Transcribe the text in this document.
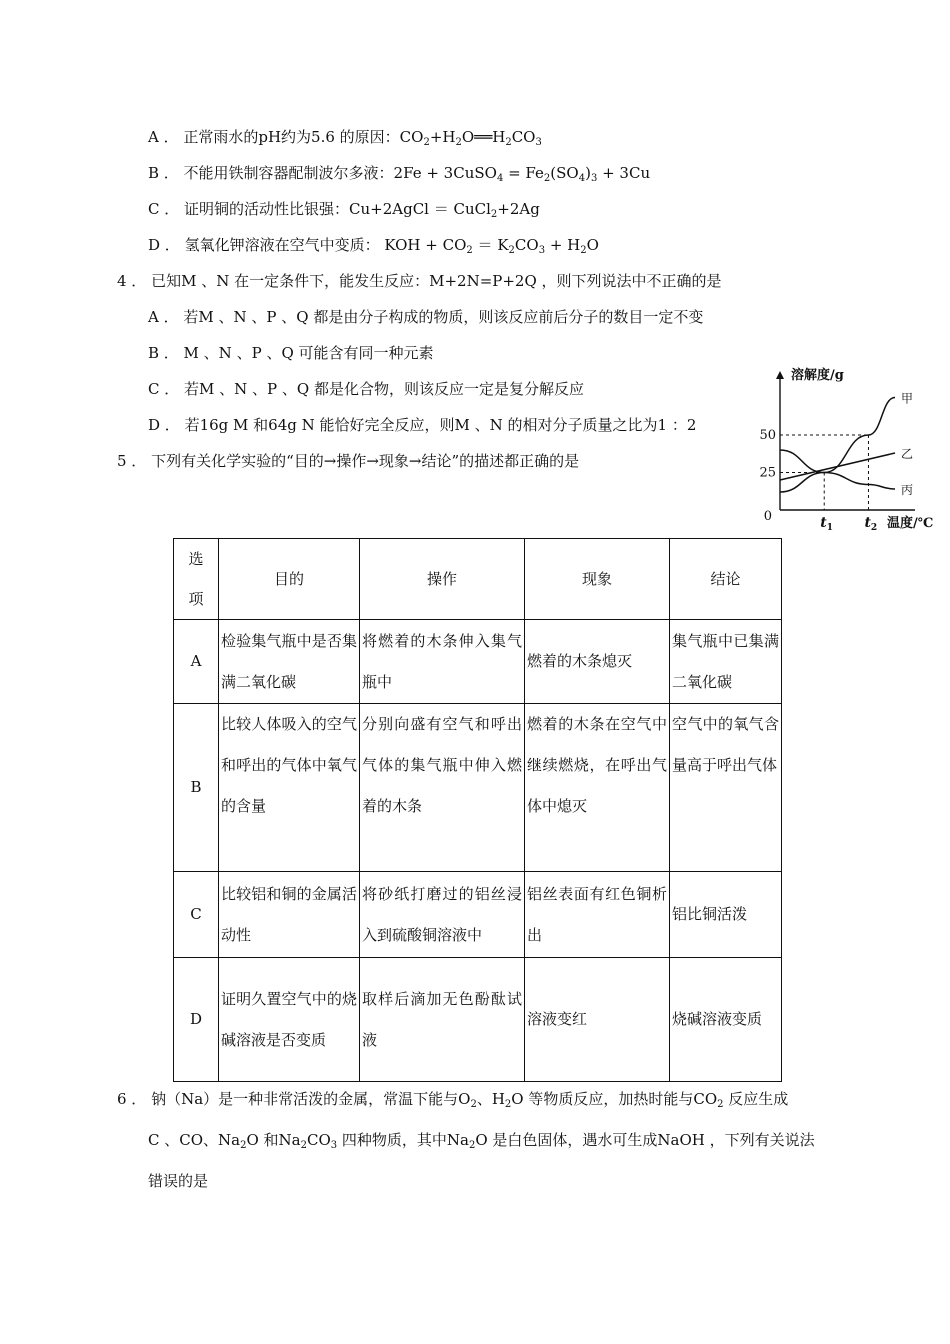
A ． 正常雨水的pH约为5.6 的原因：$CO_2+H_2O══H_2CO_3$
B ． 不能用铁制容器配制波尔多液：2Fe + 3CuSO$_4$ = $Fe_2(SO_4)_3 + 3Cu$
C ． 证明铜的活动性比银强：Cu+2AgCl ＝ CuCl$_2$+2Ag
D ． 氢氧化钾溶液在空气中变质： KOH + $CO_2 = K_2CO_3 + H_2O$
4 ． 已知M 、N 在一定条件下，能发生反应：M+2N=P+2Q ，则下列说法中不正确的是
A ． 若M 、N 、P 、Q 都是由分子构成的物质，则该反应前后分子的数目一定不变
B ． M 、N 、P 、Q 可能含有同一种元素
C ． 若M 、N 、P 、Q 都是化合物，则该反应一定是复分解反应
D ． 若16g M 和64g N 能恰好完全反应，则M 、N 的相对分子质量之比为1 ：2
5 ． 下列有关化学实验的“目的→操作→现象→结论”的描述都正确的是
甲
乙
丙
25
50
0	$t_1$ $t_2$ 温度/℃
溶解度/g
选项	目的	操作	现象	结论
A	检验集气瓶中是否集满二氧化碳	将燃着的木条伸入集气瓶中	燃着的木条熄灭	集气瓶中已集满二氧化碳
B	比较人体吸入的空气和呼出的气体中氧气的含量	分别向盛有空气和呼出气体的集气瓶中伸入燃着的木条	燃着的木条在空气中继续燃烧，在呼出气体中熄灭	空气中的氧气含量高于呼出气体
C	比较铝和铜的金属活动性	将砂纸打磨过的铝丝浸入到硫酸铜溶液中	铝丝表面有红色铜析出	铝比铜活泼
D	证明久置空气中的烧碱溶液是否变质	取样后滴加无色酚酞试液	溶液变红	烧碱溶液变质
6 ． 钠（Na）是一种非常活泼的金属，常温下能与$O_2$、$H_2O$ 等物质反应，加热时能与$CO_2$ 反应生成
C 、CO、$Na_2O$ 和$Na_2CO_3$ 四种物质，其中$Na_2O$ 是白色固体，遇水可生成NaOH ，下列有关说法
错误的是
